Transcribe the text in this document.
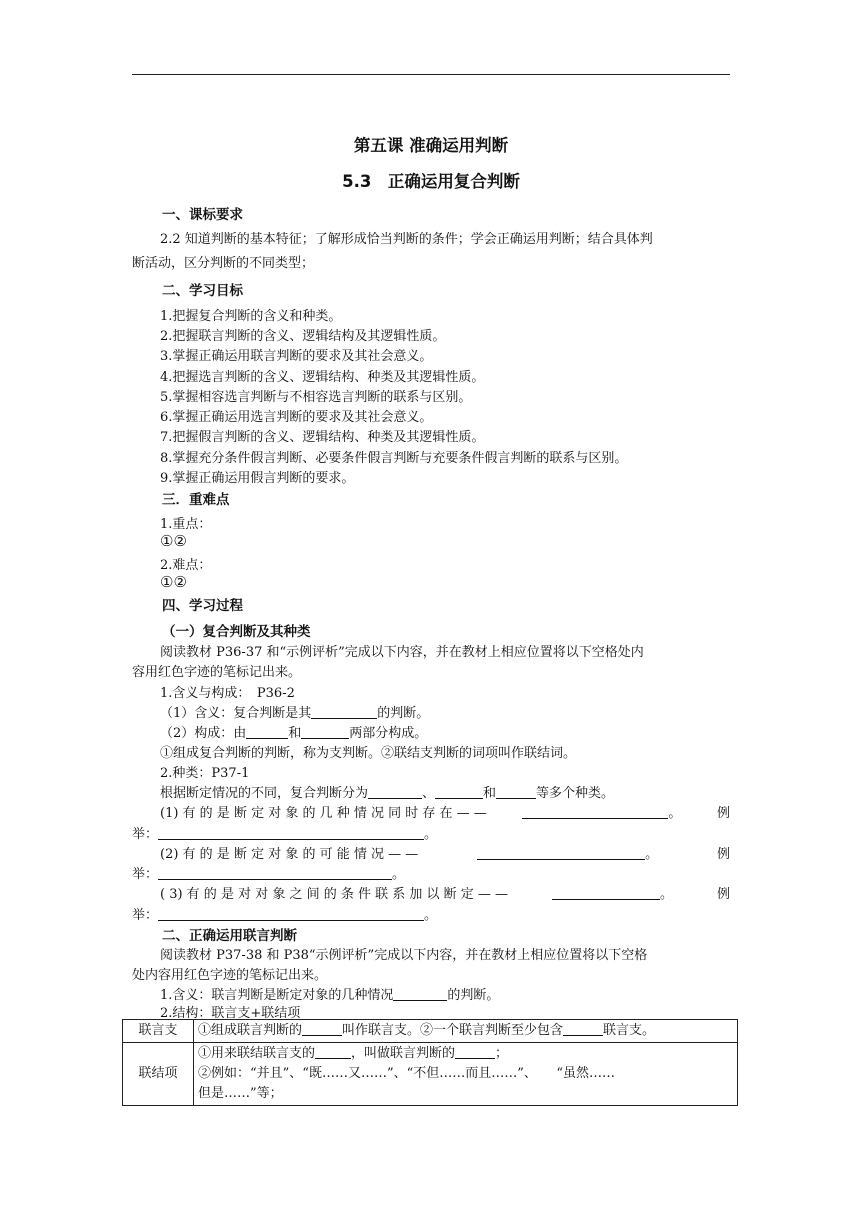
第五课 准确运用判断
5.3　正确运用复合判断
一、课标要求
2.2 知道判断的基本特征；了解形成恰当判断的条件；学会正确运用判断；结合具体判
断活动，区分判断的不同类型；
二、学习目标
1.把握复合判断的含义和种类。
2.把握联言判断的含义、逻辑结构及其逻辑性质。
3.掌握正确运用联言判断的要求及其社会意义。
4.把握选言判断的含义、逻辑结构、种类及其逻辑性质。
5.掌握相容选言判断与不相容选言判断的联系与区别。
6.掌握正确运用选言判断的要求及其社会意义。
7.把握假言判断的含义、逻辑结构、种类及其逻辑性质。
8.掌握充分条件假言判断、必要条件假言判断与充要条件假言判断的联系与区别。
9.掌握正确运用假言判断的要求。
三．重难点
1.重点：
①②
2.难点：
①②
四、学习过程
（一）复合判断及其种类
阅读教材 P36-37 和“示例评析”完成以下内容，并在教材上相应位置将以下空格处内
容用红色字迹的笔标记出来。
1.含义与构成：　P36-2
（1）含义：复合判断是其	的判断。
（2）构成：由	和	两部分构成。
①组成复合判断的判断，称为支判断。②联结支判断的词项叫作联结词。
2.种类：P37-1
根据断定情况的不同，复合判断分为	、	和	等多个种类。
(1) 有 的 是 断 定 对 象 的 几 种 情 况 同 时 存 在 — —	。	例
举：	。
(2) 有 的 是 断 定 对 象 的 可 能 情 况 — —	。	例
举：	。
( 3) 有 的 是 对 对 象 之 间 的 条 件 联 系 加 以 断 定 — —	。	例
举：	。
二、正确运用联言判断
阅读教材 P37-38 和 P38“示例评析”完成以下内容，并在教材上相应位置将以下空格
处内容用红色字迹的笔标记出来。
1.含义：联言判断是断定对象的几种情况	的判断。
2.结构：联言支+联结项
联言支	①组成联言判断的 叫作联言支。②一个联言判断至少包含 联言支。
联结项	①用来联结联言支的 ，叫做联言判断的 ；
②例如：“并且”、“既……又……”、“不但……而且……”、　　“虽然……
但是……”等；
